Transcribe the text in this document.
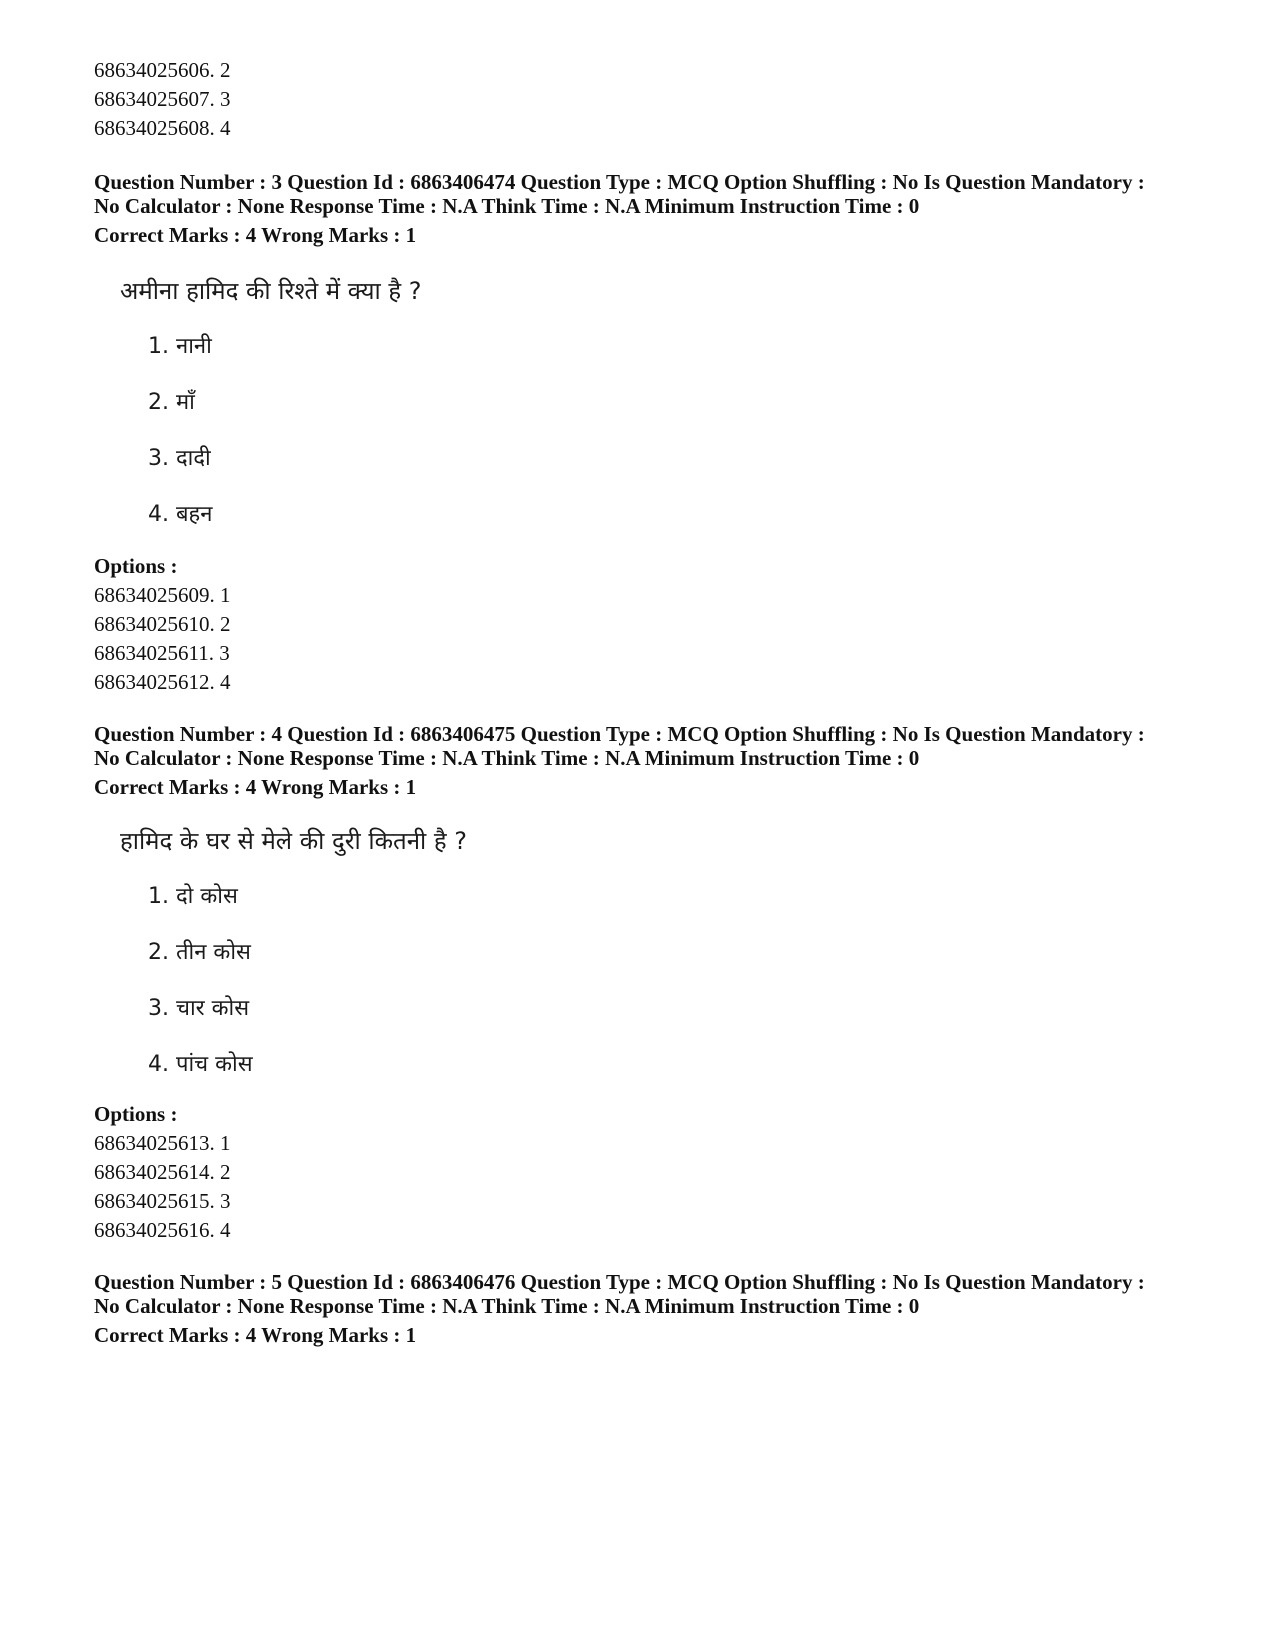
68634025606. 2
68634025607. 3
68634025608. 4
Question Number : 3 Question Id : 6863406474 Question Type : MCQ Option Shuffling : No Is Question Mandatory :
No Calculator : None Response Time : N.A Think Time : N.A Minimum Instruction Time : 0
Correct Marks : 4 Wrong Marks : 1
अमीना हामिद की रिश्ते में क्या है ?
1. नानी
2. माँ
3. दादी
4. बहन
Options :
68634025609. 1
68634025610. 2
68634025611. 3
68634025612. 4
Question Number : 4 Question Id : 6863406475 Question Type : MCQ Option Shuffling : No Is Question Mandatory :
No Calculator : None Response Time : N.A Think Time : N.A Minimum Instruction Time : 0
Correct Marks : 4 Wrong Marks : 1
हामिद के घर से मेले की दुरी कितनी है ?
1. दो कोस
2. तीन कोस
3. चार कोस
4. पांच कोस
Options :
68634025613. 1
68634025614. 2
68634025615. 3
68634025616. 4
Question Number : 5 Question Id : 6863406476 Question Type : MCQ Option Shuffling : No Is Question Mandatory :
No Calculator : None Response Time : N.A Think Time : N.A Minimum Instruction Time : 0
Correct Marks : 4 Wrong Marks : 1
